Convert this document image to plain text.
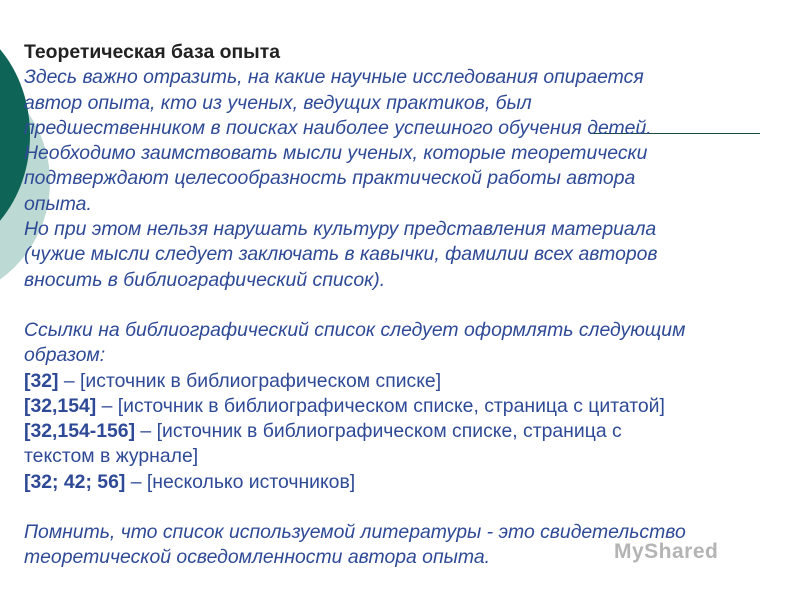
Теоретическая база опыта

Здесь важно отразить, на какие научные исследования опирается

автор опыта, кто из ученых, ведущих практиков, был

предшественником в поисках наиболее успешного обучения детей.

Необходимо заимствовать мысли ученых, которые теоретически

подтверждают целесообразность практической работы автора

опыта.

Но при этом нельзя нарушать культуру представления материала

(чужие мысли следует заключать в кавычки, фамилии всех авторов

вносить в библиографический список).

Ссылки на библиографический список следует оформлять следующим

образом:

[32] – [источник в библиографическом списке]

[32,154] – [источник в библиографическом списке, страница с цитатой]

[32,154-156] – [источник в библиографическом списке, страница с

текстом в журнале]

[32; 42; 56] – [несколько источников]

Помнить, что список используемой литературы - это свидетельство

теоретической осведомленности автора опыта.	MyShared
